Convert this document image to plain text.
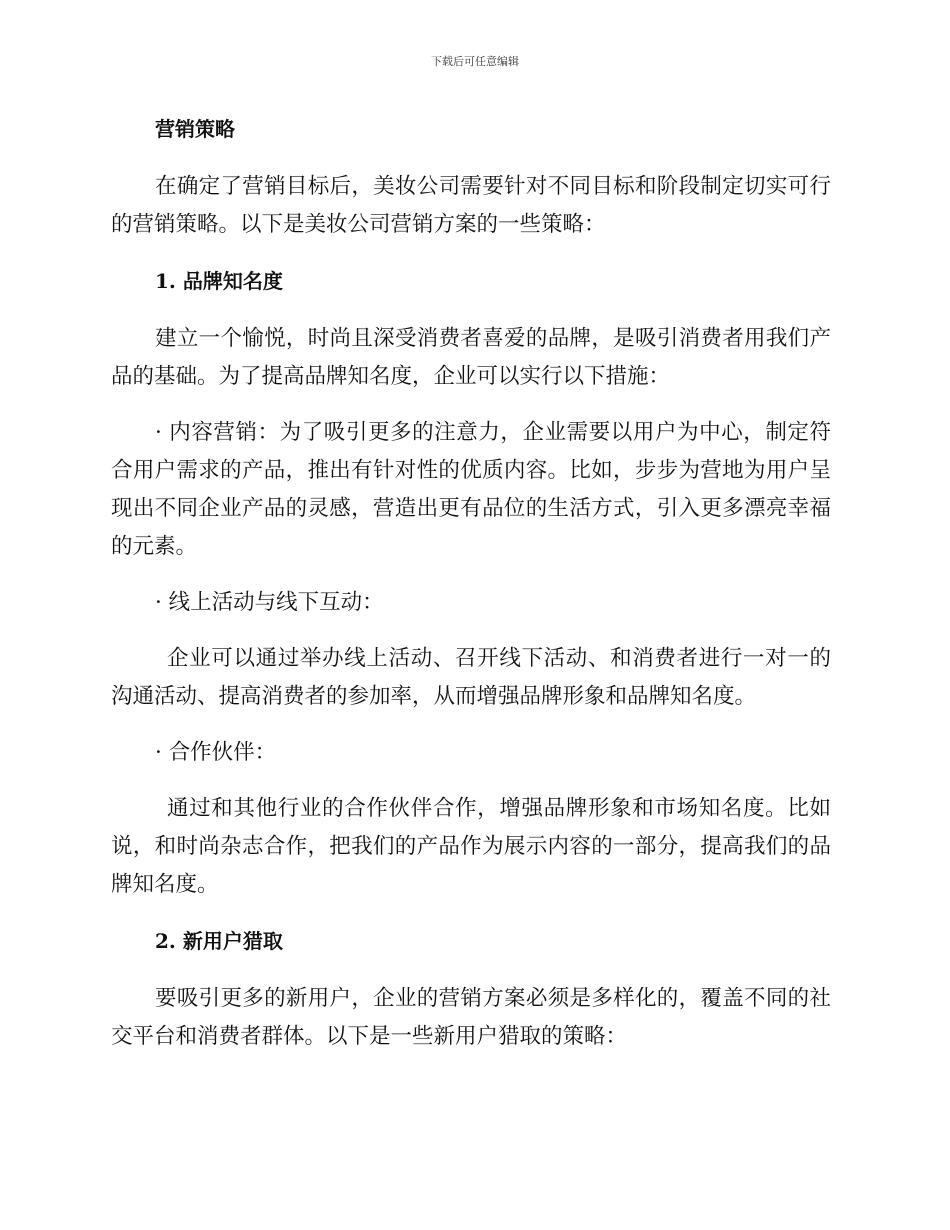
下载后可任意编辑

营销策略

在确定了营销目标后，美妆公司需要针对不同目标和阶段制定切实可行的营销策略。以下是美妆公司营销方案的一些策略：

1. 品牌知名度

建立一个愉悦，时尚且深受消费者喜爱的品牌，是吸引消费者用我们产品的基础。为了提高品牌知名度，企业可以实行以下措施：

· 内容营销：为了吸引更多的注意力，企业需要以用户为中心，制定符合用户需求的产品，推出有针对性的优质内容。比如，步步为营地为用户呈现出不同企业产品的灵感，营造出更有品位的生活方式，引入更多漂亮幸福的元素。

· 线上活动与线下互动：

企业可以通过举办线上活动、召开线下活动、和消费者进行一对一的沟通活动、提高消费者的参加率，从而增强品牌形象和品牌知名度。

· 合作伙伴：

通过和其他行业的合作伙伴合作，增强品牌形象和市场知名度。比如说，和时尚杂志合作，把我们的产品作为展示内容的一部分，提高我们的品牌知名度。

2. 新用户猎取

要吸引更多的新用户，企业的营销方案必须是多样化的，覆盖不同的社交平台和消费者群体。以下是一些新用户猎取的策略：
